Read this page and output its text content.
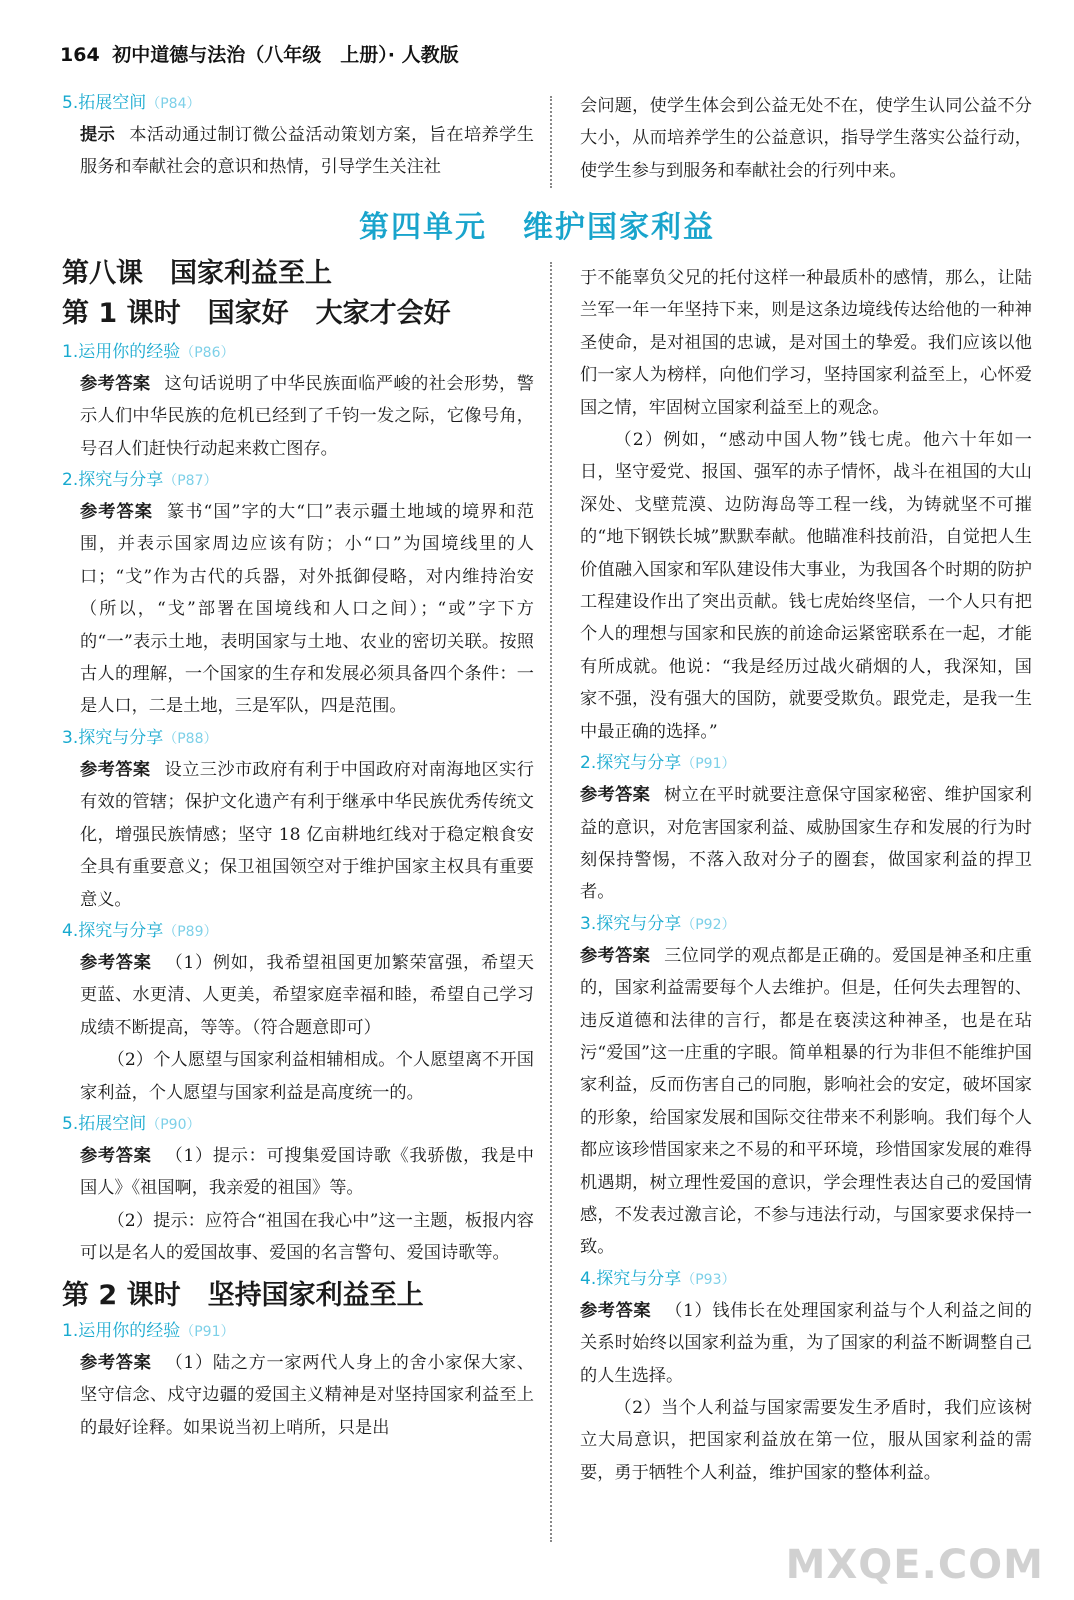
164 初中道德与法治（八年级　上册）· 人教版

5.拓展空间（P84）

提示 本活动通过制订微公益活动策划方案，旨在培养学生服务和奉献社会的意识和热情，引导学生关注社

会问题，使学生体会到公益无处不在，使学生认同公益不分大小，从而培养学生的公益意识，指导学生落实公益行动，使学生参与到服务和奉献社会的行列中来。

第四单元 维护国家利益

第八课　国家利益至上

第 1 课时　国家好　大家才会好

1.运用你的经验（P86）

参考答案 这句话说明了中华民族面临严峻的社会形势，警示人们中华民族的危机已经到了千钧一发之际，它像号角，号召人们赶快行动起来救亡图存。

2.探究与分享（P87）

参考答案 篆书“国”字的大“囗”表示疆土地域的境界和范围，并表示国家周边应该有防；小“口”为国境线里的人口；“戈”作为古代的兵器，对外抵御侵略，对内维持治安（所以，“戈”部署在国境线和人口之间）；“或”字下方的“一”表示土地，表明国家与土地、农业的密切关联。按照古人的理解，一个国家的生存和发展必须具备四个条件：一是人口，二是土地，三是军队，四是范围。

3.探究与分享（P88）

参考答案 设立三沙市政府有利于中国政府对南海地区实行有效的管辖；保护文化遗产有利于继承中华民族优秀传统文化，增强民族情感；坚守 18 亿亩耕地红线对于稳定粮食安全具有重要意义；保卫祖国领空对于维护国家主权具有重要意义。

4.探究与分享（P89）

参考答案 （1）例如，我希望祖国更加繁荣富强，希望天更蓝、水更清、人更美，希望家庭幸福和睦，希望自己学习成绩不断提高，等等。（符合题意即可）

（2）个人愿望与国家利益相辅相成。个人愿望离不开国家利益，个人愿望与国家利益是高度统一的。

5.拓展空间（P90）

参考答案 （1）提示：可搜集爱国诗歌《我骄傲，我是中国人》《祖国啊，我亲爱的祖国》等。

（2）提示：应符合“祖国在我心中”这一主题，板报内容可以是名人的爱国故事、爱国的名言警句、爱国诗歌等。

第 2 课时　坚持国家利益至上

1.运用你的经验（P91）

参考答案 （1）陆之方一家两代人身上的舍小家保大家、坚守信念、戍守边疆的爱国主义精神是对坚持国家利益至上的最好诠释。如果说当初上哨所，只是出

于不能辜负父兄的托付这样一种最质朴的感情，那么，让陆兰军一年一年坚持下来，则是这条边境线传达给他的一种神圣使命，是对祖国的忠诚，是对国土的挚爱。我们应该以他们一家人为榜样，向他们学习，坚持国家利益至上，心怀爱国之情，牢固树立国家利益至上的观念。

（2）例如，“感动中国人物”钱七虎。他六十年如一日，坚守爱党、报国、强军的赤子情怀，战斗在祖国的大山深处、戈壁荒漠、边防海岛等工程一线，为铸就坚不可摧的“地下钢铁长城”默默奉献。他瞄准科技前沿，自觉把人生价值融入国家和军队建设伟大事业，为我国各个时期的防护工程建设作出了突出贡献。钱七虎始终坚信，一个人只有把个人的理想与国家和民族的前途命运紧密联系在一起，才能有所成就。他说：“我是经历过战火硝烟的人，我深知，国家不强，没有强大的国防，就要受欺负。跟党走，是我一生中最正确的选择。”

2.探究与分享（P91）

参考答案 树立在平时就要注意保守国家秘密、维护国家利益的意识，对危害国家利益、威胁国家生存和发展的行为时刻保持警惕，不落入敌对分子的圈套，做国家利益的捍卫者。

3.探究与分享（P92）

参考答案 三位同学的观点都是正确的。爱国是神圣和庄重的，国家利益需要每个人去维护。但是，任何失去理智的、违反道德和法律的言行，都是在亵渎这种神圣，也是在玷污“爱国”这一庄重的字眼。简单粗暴的行为非但不能维护国家利益，反而伤害自己的同胞，影响社会的安定，破坏国家的形象，给国家发展和国际交往带来不利影响。我们每个人都应该珍惜国家来之不易的和平环境，珍惜国家发展的难得机遇期，树立理性爱国的意识，学会理性表达自己的爱国情感，不发表过激言论，不参与违法行动，与国家要求保持一致。

4.探究与分享（P93）

参考答案 （1）钱伟长在处理国家利益与个人利益之间的关系时始终以国家利益为重，为了国家的利益不断调整自己的人生选择。

（2）当个人利益与国家需要发生矛盾时，我们应该树立大局意识，把国家利益放在第一位，服从国家利益的需要，勇于牺牲个人利益，维护国家的整体利益。

MXQE.COM
